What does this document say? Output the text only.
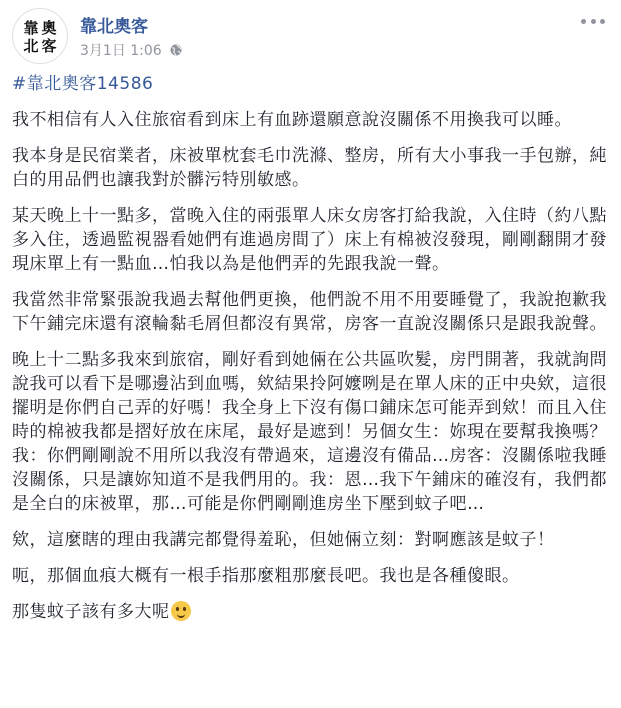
靠 奧
北 客
靠北奧客
3月1日 1:06

#靠北奧客14586

我不相信有人入住旅宿看到床上有血跡還願意說沒關係不用換我可以睡。

我本身是民宿業者，床被單枕套毛巾洗滌、整房，所有大小事我一手包辦，純白的用品們也讓我對於髒污特別敏感。

某天晚上十一點多，當晚入住的兩張單人床女房客打給我說，入住時（約八點多入住，透過監視器看她們有進過房間了）床上有棉被沒發現，剛剛翻開才發現床單上有一點血…怕我以為是他們弄的先跟我說一聲。

我當然非常緊張說我過去幫他們更換，他們說不用不用要睡覺了，我說抱歉我下午鋪完床還有滾輪黏毛屑但都沒有異常，房客一直說沒關係只是跟我說聲。

晚上十二點多我來到旅宿，剛好看到她倆在公共區吹髮，房門開著，我就詢問說我可以看下是哪邊沾到血嗎，欸結果拎阿嬤咧是在單人床的正中央欸，這很擺明是你們自己弄的好嗎！我全身上下沒有傷口鋪床怎可能弄到欸！而且入住時的棉被我都是摺好放在床尾，最好是遮到！另個女生：妳現在要幫我換嗎？我：你們剛剛說不用所以我沒有帶過來，這邊沒有備品…房客：沒關係啦我睡沒關係，只是讓妳知道不是我們用的。我：恩…我下午鋪床的確沒有，我們都是全白的床被單，那…可能是你們剛剛進房坐下壓到蚊子吧…

欸，這麼瞎的理由我講完都覺得羞恥，但她倆立刻：對啊應該是蚊子！

呃，那個血痕大概有一根手指那麼粗那麼長吧。我也是各種傻眼。

那隻蚊子該有多大呢
